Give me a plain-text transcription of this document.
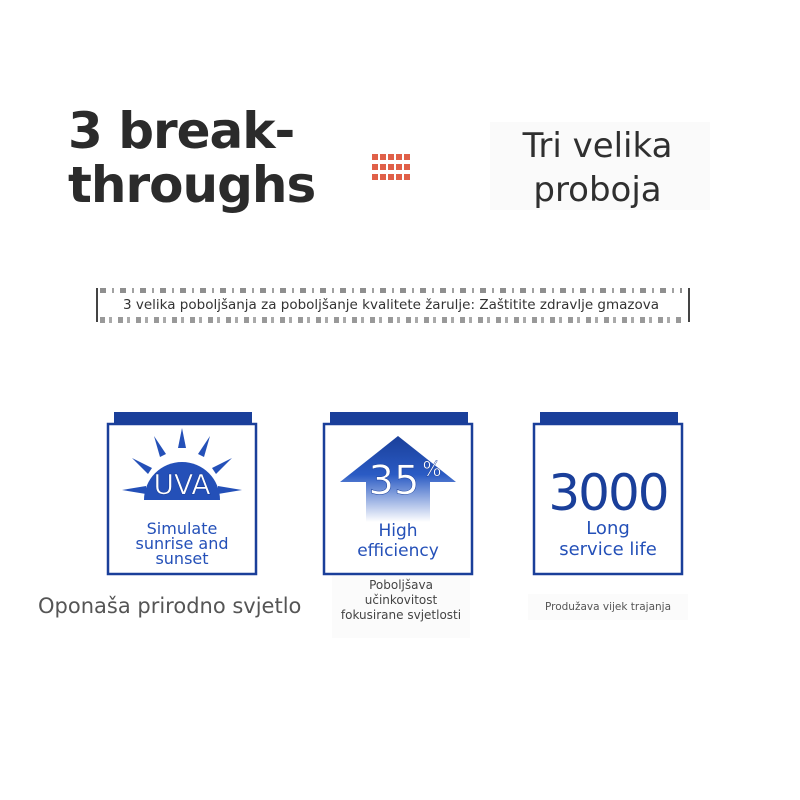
3 break-
throughs
Tri velika
proboja
3 velika poboljšanja za poboljšanje kvalitete žarulje: Zaštitite zdravlje gmazova
UVA
Simulate
sunrise and
sunset
35 %
High
efficiency
3000
Long
service life
Oponaša prirodno svjetlo
Poboljšava učinkovitost fokusirane svjetlosti
Produžava vijek trajanja
